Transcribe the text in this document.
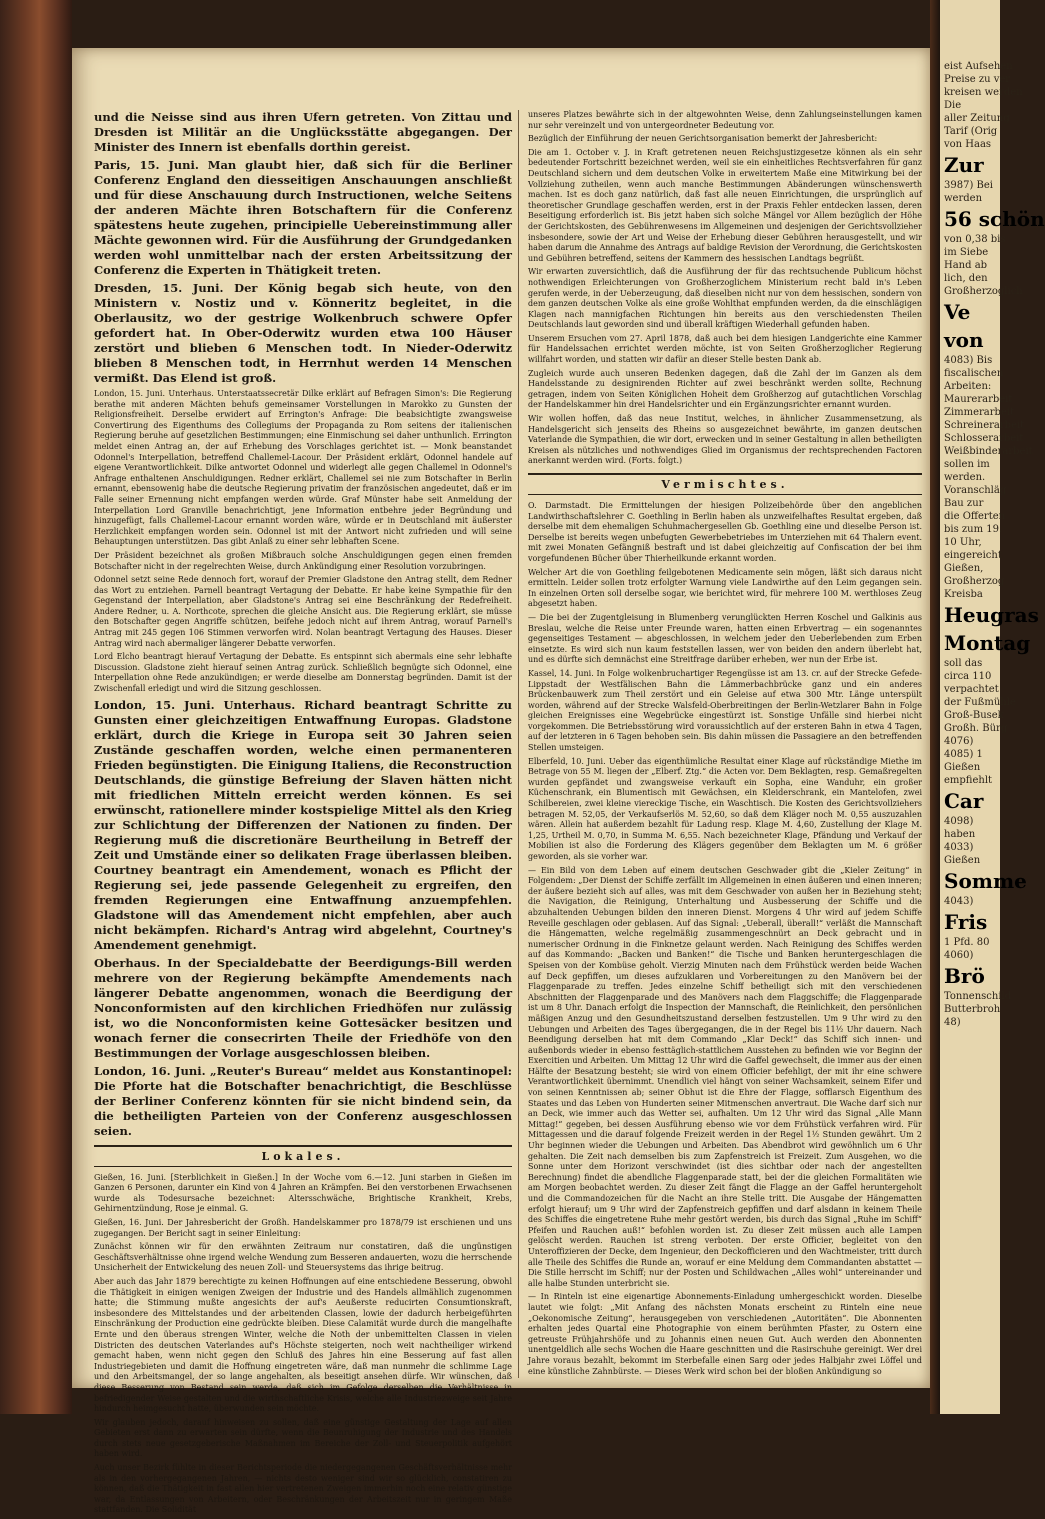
und die Neisse sind aus ihren Ufern getreten. Von Zittau und Dresden ist Militär an die Unglücksstätte abgegangen. Der Minister des Innern ist ebenfalls dorthin gereist.

Paris, 15. Juni. Man glaubt hier, daß sich für die Berliner Conferenz England den diesseitigen Anschauungen anschließt und für diese Anschauung durch Instructionen, welche Seitens der anderen Mächte ihren Botschaftern für die Conferenz spätestens heute zugehen, principielle Uebereinstimmung aller Mächte gewonnen wird. Für die Ausführung der Grundgedanken werden wohl unmittelbar nach der ersten Arbeitssitzung der Conferenz die Experten in Thätigkeit treten.

Dresden, 15. Juni. Der König begab sich heute, von den Ministern v. Nostiz und v. Könneritz begleitet, in die Oberlausitz, wo der gestrige Wolkenbruch schwere Opfer gefordert hat. In Ober-Oderwitz wurden etwa 100 Häuser zerstört und blieben 6 Menschen todt. In Nieder-Oderwitz blieben 8 Menschen todt, in Herrnhut werden 14 Menschen vermißt. Das Elend ist groß.

London, 15. Juni. Unterhaus. Unterstaatssecretär Dilke erklärt auf Befragen Simon's: Die Regierung berathe mit anderen Mächten behufs gemeinsamer Vorstellungen in Marokko zu Gunsten der Religionsfreiheit. Derselbe erwidert auf Errington's Anfrage: Die beabsichtigte zwangsweise Convertirung des Eigenthums des Collegiums der Propaganda zu Rom seitens der italienischen Regierung beruhe auf gesetzlichen Bestimmungen; eine Einmischung sei daher unthunlich. Errington meldet einen Antrag an, der auf Erhebung des Vorschlages gerichtet ist. — Monk beanstandet Odonnel's Interpellation, betreffend Challemel-Lacour. Der Präsident erklärt, Odonnel handele auf eigene Verantwortlichkeit. Dilke antwortet Odonnel und widerlegt alle gegen Challemel in Odonnel's Anfrage enthaltenen Anschuldigungen. Redner erklärt, Challemel sei nie zum Botschafter in Berlin ernannt, ebensowenig habe die deutsche Regierung privatim der französischen angedeutet, daß er im Falle seiner Ernennung nicht empfangen werden würde. Graf Münster habe seit Anmeldung der Interpellation Lord Granville benachrichtigt, jene Information entbehre jeder Begründung und hinzugefügt, falls Challemel-Lacour ernannt worden wäre, würde er in Deutschland mit äußerster Herzlichkeit empfangen worden sein. Odonnel ist mit der Antwort nicht zufrieden und will seine Behauptungen unterstützen. Das gibt Anlaß zu einer sehr lebhaften Scene.

Der Präsident bezeichnet als großen Mißbrauch solche Anschuldigungen gegen einen fremden Botschafter nicht in der regelrechten Weise, durch Ankündigung einer Resolution vorzubringen.

Odonnel setzt seine Rede dennoch fort, worauf der Premier Gladstone den Antrag stellt, dem Redner das Wort zu entziehen. Parnell beantragt Vertagung der Debatte. Er habe keine Sympathie für den Gegenstand der Interpellation, aber Gladstone's Antrag sei eine Beschränkung der Redefreiheit. Andere Redner, u. A. Northcote, sprechen die gleiche Ansicht aus. Die Regierung erklärt, sie müsse den Botschafter gegen Angriffe schützen, beifehe jedoch nicht auf ihrem Antrag, worauf Parnell's Antrag mit 245 gegen 106 Stimmen verworfen wird. Nolan beantragt Vertagung des Hauses. Dieser Antrag wird nach abermaliger längerer Debatte verworfen.

Lord Elcho beantragt hierauf Vertagung der Debatte. Es entspinnt sich abermals eine sehr lebhafte Discussion. Gladstone zieht hierauf seinen Antrag zurück. Schließlich begnügte sich Odonnel, eine Interpellation ohne Rede anzukündigen; er werde dieselbe am Donnerstag begründen. Damit ist der Zwischenfall erledigt und wird die Sitzung geschlossen.

London, 15. Juni. Unterhaus. Richard beantragt Schritte zu Gunsten einer gleichzeitigen Entwaffnung Europas. Gladstone erklärt, durch die Kriege in Europa seit 30 Jahren seien Zustände geschaffen worden, welche einen permanenteren Frieden begünstigten. Die Einigung Italiens, die Reconstruction Deutschlands, die günstige Befreiung der Slaven hätten nicht mit friedlichen Mitteln erreicht werden können. Es sei erwünscht, rationellere minder kostspielige Mittel als den Krieg zur Schlichtung der Differenzen der Nationen zu finden. Der Regierung muß die discretionäre Beurtheilung in Betreff der Zeit und Umstände einer so delikaten Frage überlassen bleiben. Courtney beantragt ein Amendement, wonach es Pflicht der Regierung sei, jede passende Gelegenheit zu ergreifen, den fremden Regierungen eine Entwaffnung anzuempfehlen. Gladstone will das Amendement nicht empfehlen, aber auch nicht bekämpfen. Richard's Antrag wird abgelehnt, Courtney's Amendement genehmigt.

Oberhaus. In der Specialdebatte der Beerdigungs-Bill werden mehrere von der Regierung bekämpfte Amendements nach längerer Debatte angenommen, wonach die Beerdigung der Nonconformisten auf den kirchlichen Friedhöfen nur zulässig ist, wo die Nonconformisten keine Gottesäcker besitzen und wonach ferner die consecrirten Theile der Friedhöfe von den Bestimmungen der Vorlage ausgeschlossen bleiben.

London, 16. Juni. „Reuter's Bureau“ meldet aus Konstantinopel: Die Pforte hat die Botschafter benachrichtigt, die Beschlüsse der Berliner Conferenz könnten für sie nicht bindend sein, da die betheiligten Parteien von der Conferenz ausgeschlossen seien.

Lokales.

Gießen, 16. Juni. [Sterblichkeit in Gießen.] In der Woche vom 6.—12. Juni starben in Gießen im Ganzen 6 Personen, darunter ein Kind von 4 Jahren an Krämpfen. Bei den verstorbenen Erwachsenen wurde als Todesursache bezeichnet: Altersschwäche, Brightische Krankheit, Krebs, Gehirnentzündung, Rose je einmal. G.

Gießen, 16. Juni. Der Jahresbericht der Großh. Handelskammer pro 1878/79 ist erschienen und uns zugegangen. Der Bericht sagt in seiner Einleitung:

Zunächst können wir für den erwähnten Zeitraum nur constatiren, daß die ungünstigen Geschäftsverhältnisse ohne irgend welche Wendung zum Besseren andauerten, wozu die herrschende Unsicherheit der Entwickelung des neuen Zoll- und Steuersystems das ihrige beitrug.

Aber auch das Jahr 1879 berechtigte zu keinen Hoffnungen auf eine entschiedene Besserung, obwohl die Thätigkeit in einigen wenigen Zweigen der Industrie und des Handels allmählich zugenommen hatte; die Stimmung mußte angesichts der auf's Aeußerste reducirten Consumtionskraft, insbesondere des Mittelstandes und der arbeitenden Classen, lowie der dadurch herbeigeführten Einschränkung der Production eine gedrückte bleiben. Diese Calamität wurde durch die mangelhafte Ernte und den überaus strengen Winter, welche die Noth der unbemittelten Classen in vielen Districten des deutschen Vaterlandes auf's Höchste steigerten, noch weit nachtheiliger wirkend gemacht haben, wenn nicht gegen den Schluß des Jahres hin eine Besserung auf fast allen Industriegebieten und damit die Hoffnung eingetreten wäre, daß man nunmehr die schlimme Lage und den Arbeitsmangel, der so lange angehalten, als beseitigt ansehen dürfe. Wir wünschen, daß diese Besserung von Bestand sein werde, daß sich im Gefolge derselben die Verhältnisse in befriedigender Weise gestalten und die wirthschaftliche Krisis, welche alle Industriezweige seit Jahre hindurch heimgesucht hatte, überwunden sein möchte.

Wir glauben jedoch, darauf hinweisen zu sollen, daß eine günstige Gestaltung der Lage auf allen Gebieten erst dann zu erwarten sein dürfte, wenn die Beunruhigung der Industrie und des Handels durch stets neue gesetzgeberische Maßnahmen im Bereiche der Zoll- und Steuerpolitik aufgehört haben wird.

Auch unser Bezirk fühlte in dieser Berichtsperiode die niedergegangenen Geschäftsverhältnisse mehr als in den vorhergegangenen Jahren, — nichts desto weniger sind wir so glücklich, constatiren zu können, daß die Thätigkeit in fast allen hier vertretenen Zweigen immerhin noch eine relativ günstige war, da Entlassungen von Arbeitern, oder Beschränkungen der Arbeitszeit nur in geringem Maße stattfanden. Die Solidität

unseres Platzes bewährte sich in der altgewohnten Weise, denn Zahlungseinstellungen kamen nur sehr vereinzelt und von untergeordneter Bedeutung vor.

Bezüglich der Einführung der neuen Gerichtsorganisation bemerkt der Jahresbericht:

Die am 1. October v. J. in Kraft getretenen neuen Reichsjustizgesetze können als ein sehr bedeutender Fortschritt bezeichnet werden, weil sie ein einheitliches Rechtsverfahren für ganz Deutschland sichern und dem deutschen Volke in erweitertem Maße eine Mitwirkung bei der Vollziehung zutheilen, wenn auch manche Bestimmungen Abänderungen wünschenswerth machen. Ist es doch ganz natürlich, daß fast alle neuen Einrichtungen, die ursprünglich auf theoretischer Grundlage geschaffen werden, erst in der Praxis Fehler entdecken lassen, deren Beseitigung erforderlich ist. Bis jetzt haben sich solche Mängel vor Allem bezüglich der Höhe der Gerichtskosten, des Gebührenwesens im Allgemeinen und desjenigen der Gerichtsvollzieher insbesondere, sowie der Art und Weise der Erhebung dieser Gebühren herausgestellt, und wir haben darum die Annahme des Antrags auf baldige Revision der Verordnung, die Gerichtskosten und Gebühren betreffend, seitens der Kammern des hessischen Landtags begrüßt.

Wir erwarten zuversichtlich, daß die Ausführung der für das rechtsuchende Publicum höchst nothwendigen Erleichterungen von Großherzoglichem Ministerium recht bald in's Leben gerufen werde, in der Ueberzeugung, daß dieselben nicht nur von dem hessischen, sondern von dem ganzen deutschen Volke als eine große Wohlthat empfunden werden, da die einschlägigen Klagen nach mannigfachen Richtungen hin bereits aus den verschiedensten Theilen Deutschlands laut geworden sind und überall kräftigen Wiederhall gefunden haben.

Unserem Ersuchen vom 27. April 1878, daß auch bei dem hiesigen Landgerichte eine Kammer für Handelssachen errichtet werden möchte, ist von Seiten Großherzoglicher Regierung willfahrt worden, und statten wir dafür an dieser Stelle besten Dank ab.

Zugleich wurde auch unseren Bedenken dagegen, daß die Zahl der im Ganzen als dem Handelsstande zu designirenden Richter auf zwei beschränkt werden sollte, Rechnung getragen, indem von Seiten Königlichen Hoheit dem Großherzog auf gutachtlichen Vorschlag der Handelskammer hin drei Handelsrichter und ein Ergänzungsrichter ernannt wurden.

Wir wollen hoffen, daß das neue Institut, welches, in ähnlicher Zusammensetzung, als Handelsgericht sich jenseits des Rheins so ausgezeichnet bewährte, im ganzen deutschen Vaterlande die Sympathien, die wir dort, erwecken und in seiner Gestaltung in allen betheiligten Kreisen als nützliches und nothwendiges Glied im Organismus der rechtsprechenden Factoren anerkannt werden wird. (Forts. folgt.)

Vermischtes.

O. Darmstadt. Die Ermittelungen der hiesigen Polizeibehörde über den angeblichen Landwirthschaftslehrer C. Goethling in Berlin haben als unzweifelhaftes Resultat ergeben, daß derselbe mit dem ehemaligen Schuhmachergesellen Gb. Goethling eine und dieselbe Person ist. Derselbe ist bereits wegen unbefugten Gewerbebetriebes im Unterziehen mit 64 Thalern event. mit zwei Monaten Gefängniß bestraft und ist dabei gleichzeitig auf Confiscation der bei ihm vorgefundenen Bücher über Thierheilkunde erkannt worden.

Welcher Art die von Goethling feilgebotenen Medicamente sein mögen, läßt sich daraus nicht ermitteln. Leider sollen trotz erfolgter Warnung viele Landwirthe auf den Leim gegangen sein. In einzelnen Orten soll derselbe sogar, wie berichtet wird, für mehrere 100 M. werthloses Zeug abgesetzt haben.

— Die bei der Zugentgleisung in Blumenberg verunglückten Herren Koschel und Galkinis aus Breslau, welche die Reise unter Freunde waren, hatten einen Erbvertrag — ein sogenanntes gegenseitiges Testament — abgeschlossen, in welchem jeder den Ueberlebenden zum Erben einsetzte. Es wird sich nun kaum feststellen lassen, wer von beiden den andern überlebt hat, und es dürfte sich demnächst eine Streitfrage darüber erheben, wer nun der Erbe ist.

Kassel, 14. Juni. In Folge wolkenbruchartiger Regengüsse ist am 13. cr. auf der Strecke Gefede-Lippstadt der Westfälischen Bahn die Lämmerbachbrücke ganz und ein anderes Brückenbauwerk zum Theil zerstört und ein Geleise auf etwa 300 Mtr. Länge unterspült worden, während auf der Strecke Walsfeld-Oberbreitingen der Berlin-Wetzlarer Bahn in Folge gleichen Ereignisses eine Wegebrücke eingestürzt ist. Sonstige Unfälle sind hierbei nicht vorgekommen. Die Betriebsstörung wird voraussichtlich auf der ersteren Bahn in etwa 4 Tagen, auf der letzteren in 6 Tagen behoben sein. Bis dahin müssen die Passagiere an den betreffenden Stellen umsteigen.

Elberfeld, 10. Juni. Ueber das eigenthümliche Resultat einer Klage auf rückständige Miethe im Betrage von 55 M. liegen der „Elberf. Ztg.“ die Acten vor. Dem Beklagten, resp. Gemaßregelten wurden gepfändet und zwangsweise verkauft ein Sopha, eine Wanduhr, ein großer Küchenschrank, ein Blumentisch mit Gewächsen, ein Kleiderschrank, ein Mantelofen, zwei Schilbereien, zwei kleine viereckige Tische, ein Waschtisch. Die Kosten des Gerichtsvollziehers betragen M. 52,05, der Verkaufserlös M. 52,60, so daß dem Kläger noch M. 0,55 auszuzahlen wären. Allein hat außerdem bezahlt für Ladung resp. Klage M. 4,60, Zustellung der Klage M. 1,25, Urtheil M. 0,70, in Summa M. 6,55. Nach bezeichneter Klage, Pfändung und Verkauf der Mobilien ist also die Forderung des Klägers gegenüber dem Beklagten um M. 6 größer geworden, als sie vorher war.

— Ein Bild von dem Leben auf einem deutschen Geschwader gibt die „Kieler Zeitung“ in Folgendem: „Der Dienst der Schiffe zerfällt im Allgemeinen in einen äußeren und einen inneren; der äußere bezieht sich auf alles, was mit dem Geschwader von außen her in Beziehung steht; die Navigation, die Reinigung, Unterhaltung und Ausbesserung der Schiffe und die abzuhaltenden Uebungen bilden den inneren Dienst. Morgens 4 Uhr wird auf jedem Schiffe Reveille geschlagen oder geblasen. Auf das Signal: „Ueberall, überall!“ verläßt die Mannschaft die Hängematten, welche regelmäßig zusammengeschnürt an Deck gebracht und in numerischer Ordnung in die Finknetze gelaunt werden. Nach Reinigung des Schiffes werden auf das Kommando: „Backen und Banken!“ die Tische und Banken heruntergeschlagen die Speisen von der Kombüse geholt. Vierzig Minuten nach dem Frühstück werden beide Wachen auf Deck gepfiffen, um dieses aufzuklaren und Vorbereitungen zu den Manövern bei der Flaggenparade zu treffen. Jedes einzelne Schiff betheiligt sich mit den verschiedenen Abschnitten der Flaggenparade und des Manövers nach dem Flaggschiffe; die Flaggenparade ist um 8 Uhr. Danach erfolgt die Inspection der Mannschaft, die Reinlichkeit, den persönlichen mäßigen Anzug und den Gesundheitszustand derselben festzustellen. Um 9 Uhr wird zu den Uebungen und Arbeiten des Tages übergegangen, die in der Regel bis 11½ Uhr dauern. Nach Beendigung derselben hat mit dem Commando „Klar Deck!“ das Schiff sich innen- und außenbords wieder in ebenso festtäglich-stattlichem Ausstehen zu befinden wie vor Beginn der Exercitien und Arbeiten. Um Mittag 12 Uhr wird die Gaffel gewechselt, die immer aus der einen Hälfte der Besatzung besteht; sie wird von einem Officier befehligt, der mit ihr eine schwere Verantwortlichkeit übernimmt. Unendlich viel hängt von seiner Wachsamkeit, seinem Eifer und von seinen Kenntnissen ab; seiner Obhut ist die Ehre der Flagge, sofflarsch Eigenthum des Staates und das Leben von Hunderten seiner Mitmenschen anvertraut. Die Wache darf sich nur an Deck, wie immer auch das Wetter sei, aufhalten. Um 12 Uhr wird das Signal „Alle Mann Mittag!“ gegeben, bei dessen Ausführung ebenso wie vor dem Frühstück verfahren wird. Für Mittagessen und die darauf folgende Freizeit werden in der Regel 1½ Stunden gewährt. Um 2 Uhr beginnen wieder die Uebungen und Arbeiten. Das Abendbrot wird gewöhnlich um 6 Uhr gehalten. Die Zeit nach demselben bis zum Zapfenstreich ist Freizeit. Zum Ausgehen, wo die Sonne unter dem Horizont verschwindet (ist dies sichtbar oder nach der angestellten Berechnung) findet die abendliche Flaggenparade statt, bei der die gleichen Formalitäten wie am Morgen beobachtet werden. Zu dieser Zeit fängt die Flagge an der Gaffel heruntergeholt und die Commandozeichen für die Nacht an ihre Stelle tritt. Die Ausgabe der Hängematten erfolgt hierauf; um 9 Uhr wird der Zapfenstreich gepfiffen und darf alsdann in keinem Theile des Schiffes die eingetretene Ruhe mehr gestört werden, bis durch das Signal „Ruhe im Schiff“ Pfeifen und Rauchen auß!“ befohlen worden ist. Zu dieser Zeit müssen auch alle Lampen gelöscht werden. Rauchen ist streng verboten. Der erste Officier, begleitet von den Unteroffizieren der Decke, dem Ingenieur, den Deckofficieren und den Wachtmeister, tritt durch alle Theile des Schiffes die Runde an, worauf er eine Meldung dem Commandanten abstattet — Die Stille herrscht im Schiff; nur der Posten und Schildwachen „Alles wohl“ untereinander und alle halbe Stunden unterbricht sie.

— In Rinteln ist eine eigenartige Abonnements-Einladung umhergeschickt worden. Dieselbe lautet wie folgt: „Mit Anfang des nächsten Monats erscheint zu Rinteln eine neue „Oekonomische Zeitung“, herausgegeben von verschiedenen „Autoritäten“. Die Abonnenten erhalten jedes Quartal eine Photographie von einem berühmten Pfaster, zu Ostern eine getreuste Frühjahrshöfe und zu Johannis einen neuen Gut. Auch werden den Abonnenten unentgeldlich alle sechs Wochen die Haare geschnitten und die Rasirschuhe gereinigt. Wer drei Jahre voraus bezahlt, bekommt im Sterbefalle einen Sarg oder jedes Halbjahr zwei Löffel und eine künstliche Zahnbürste. — Dieses Werk wird schon bei der bloßen Ankündigung so

eist Aufsehen
Preise zu ver
kreisen werden
Die
aller Zeitung
Tarif (Orig
von Haas
Zur
3987) Bei
werden
56 schön
von 0,38 bis
im Siebe
Hand ab
lich, den
Großherzoglich
Ve
von
4083) Bis
fiscalischen
Arbeiten:
Maurerarbeit
Zimmerarbeit
Schreinerarbeit
Schlosserarbeit
Weißbinderarbeit
sollen im
werden.
Voranschläg
Bau zur
die Offerten
bis zum 19.
10 Uhr,
eingereicht
Gießen,
Großherzog
Kreisba
Heugras
Montag
soll das
circa 110
verpachtet
der Fußmühle
Groß-Busek
Großh. Bürg
4076)
4085) 1
Gießen
empfiehlt
Car
4098)
haben
4033)
Gießen
Somme
4043)
Fris
1 Pfd. 80
4060)
Brö
Tonnenschild
Butterbroh
48)
